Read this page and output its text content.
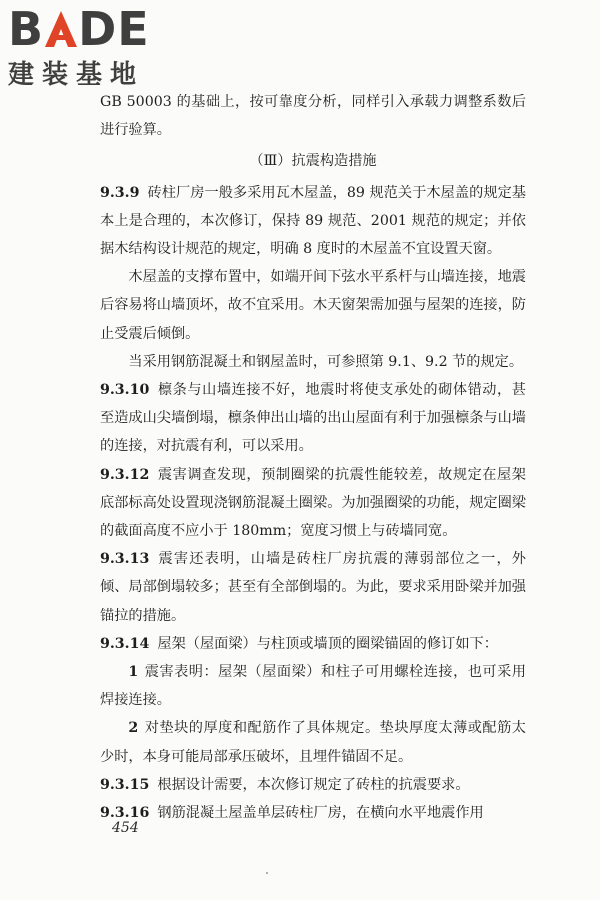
B DE
建装基地

GB 50003 的基础上，按可靠度分析，同样引入承载力调整系数后进行验算。

（Ⅲ）抗震构造措施

9.3.9 砖柱厂房一般多采用瓦木屋盖，89 规范关于木屋盖的规定基本上是合理的，本次修订，保持 89 规范、2001 规范的规定；并依据木结构设计规范的规定，明确 8 度时的木屋盖不宜设置天窗。

木屋盖的支撑布置中，如端开间下弦水平系杆与山墙连接，地震后容易将山墙顶坏，故不宜采用。木天窗架需加强与屋架的连接，防止受震后倾倒。

当采用钢筋混凝土和钢屋盖时，可参照第 9.1、9.2 节的规定。

9.3.10 檩条与山墙连接不好，地震时将使支承处的砌体错动，甚至造成山尖墙倒塌，檩条伸出山墙的出山屋面有利于加强檩条与山墙的连接，对抗震有利，可以采用。

9.3.12 震害调查发现，预制圈梁的抗震性能较差，故规定在屋架底部标高处设置现浇钢筋混凝土圈梁。为加强圈梁的功能，规定圈梁的截面高度不应小于 180mm；宽度习惯上与砖墙同宽。

9.3.13 震害还表明，山墙是砖柱厂房抗震的薄弱部位之一，外倾、局部倒塌较多；甚至有全部倒塌的。为此，要求采用卧梁并加强锚拉的措施。

9.3.14 屋架（屋面梁）与柱顶或墙顶的圈梁锚固的修订如下：

1 震害表明：屋架（屋面梁）和柱子可用螺栓连接，也可采用焊接连接。

2 对垫块的厚度和配筋作了具体规定。垫块厚度太薄或配筋太少时，本身可能局部承压破坏，且埋件锚固不足。

9.3.15 根据设计需要，本次修订规定了砖柱的抗震要求。

9.3.16 钢筋混凝土屋盖单层砖柱厂房，在横向水平地震作用

454
